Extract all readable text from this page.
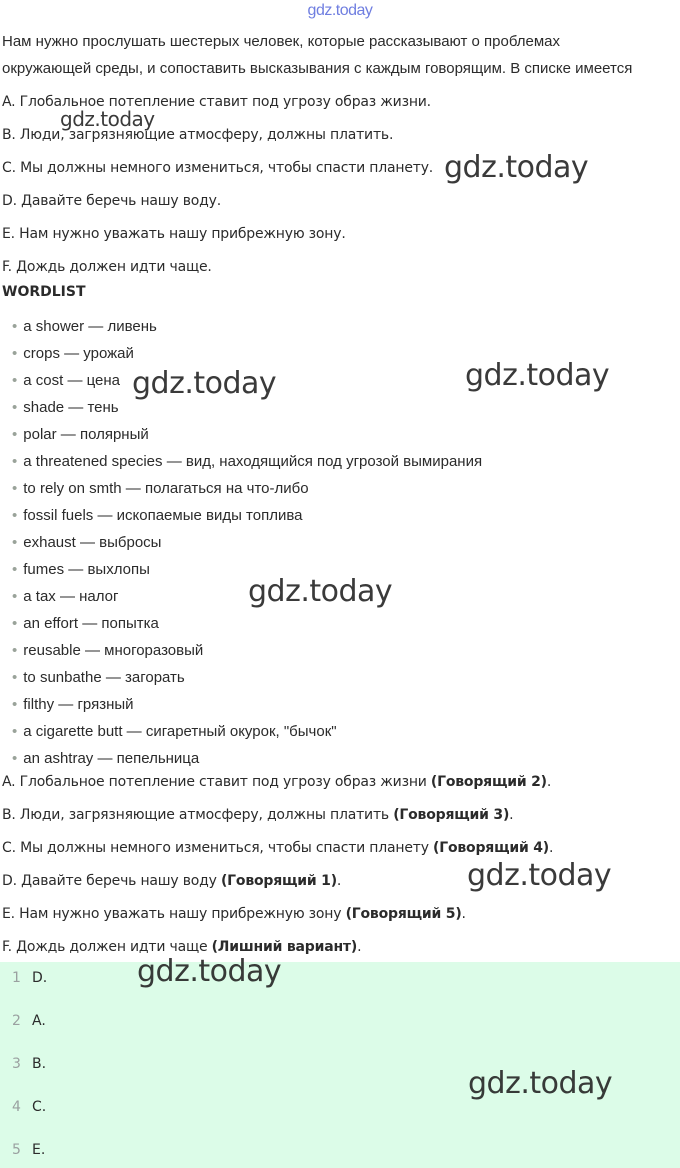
gdz.today
Нам нужно прослушать шестерых человек, которые рассказывают о проблемах окружающей среды, и сопоставить высказывания с каждым говорящим. В списке имеется
A. Глобальное потепление ставит под угрозу образ жизни.
B. Люди, загрязняющие атмосферу, должны платить.
C. Мы должны немного измениться, чтобы спасти планету.
D. Давайте беречь нашу воду.
E. Нам нужно уважать нашу прибрежную зону.
F. Дождь должен идти чаще.
WORDLIST
• a shower — ливень
• crops — урожай
• a cost — цена
• shade — тень
• polar — полярный
• a threatened species — вид, находящийся под угрозой вымирания
• to rely on smth — полагаться на что-либо
• fossil fuels — ископаемые виды топлива
• exhaust — выбросы
• fumes — выхлопы
• a tax — налог
• an effort — попытка
• reusable — многоразовый
• to sunbathe — загорать
• filthy — грязный
• a cigarette butt — сигаретный окурок, "бычок"
• an ashtray — пепельница
A. Глобальное потепление ставит под угрозу образ жизни (Говорящий 2).
B. Люди, загрязняющие атмосферу, должны платить (Говорящий 3).
C. Мы должны немного измениться, чтобы спасти планету (Говорящий 4).
D. Давайте беречь нашу воду (Говорящий 1).
E. Нам нужно уважать нашу прибрежную зону (Говорящий 5).
F. Дождь должен идти чаще (Лишний вариант).
1 D.
2 A.
3 B.
4 C.
5 E.
gdz.today
gdz.today
gdz.today	gdz.today
gdz.today
gdz.today
gdz.today
gdz.today
